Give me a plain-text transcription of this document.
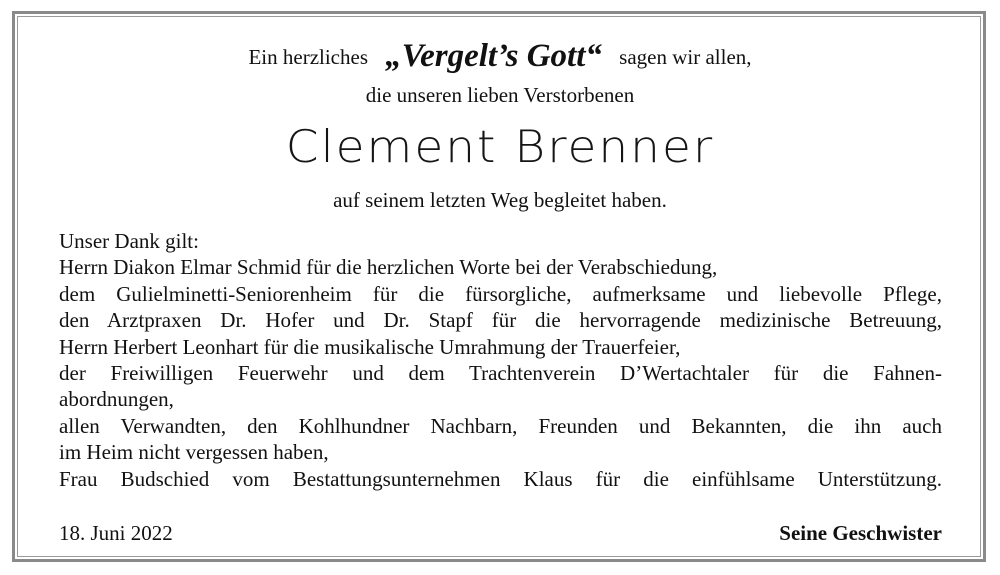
Ein herzliches „Vergelt’s Gott“ sagen wir allen,
die unseren lieben Verstorbenen
Clement Brenner
auf seinem letzten Weg begleitet haben.
Unser Dank gilt:
Herrn Diakon Elmar Schmid für die herzlichen Worte bei der Verabschiedung,
dem Gulielminetti-Seniorenheim für die fürsorgliche, aufmerksame und liebevolle Pflege,
den Arztpraxen Dr. Hofer und Dr. Stapf für die hervorragende medizinische Betreuung,
Herrn Herbert Leonhart für die musikalische Umrahmung der Trauerfeier,
der Freiwilligen Feuerwehr und dem Trachtenverein D’Wertachtaler für die Fahnen-
abordnungen,
allen Verwandten, den Kohlhundner Nachbarn, Freunden und Bekannten, die ihn auch
im Heim nicht vergessen haben,
Frau Budschied vom Bestattungsunternehmen Klaus für die einfühlsame Unterstützung.
18. Juni 2022	Seine Geschwister
